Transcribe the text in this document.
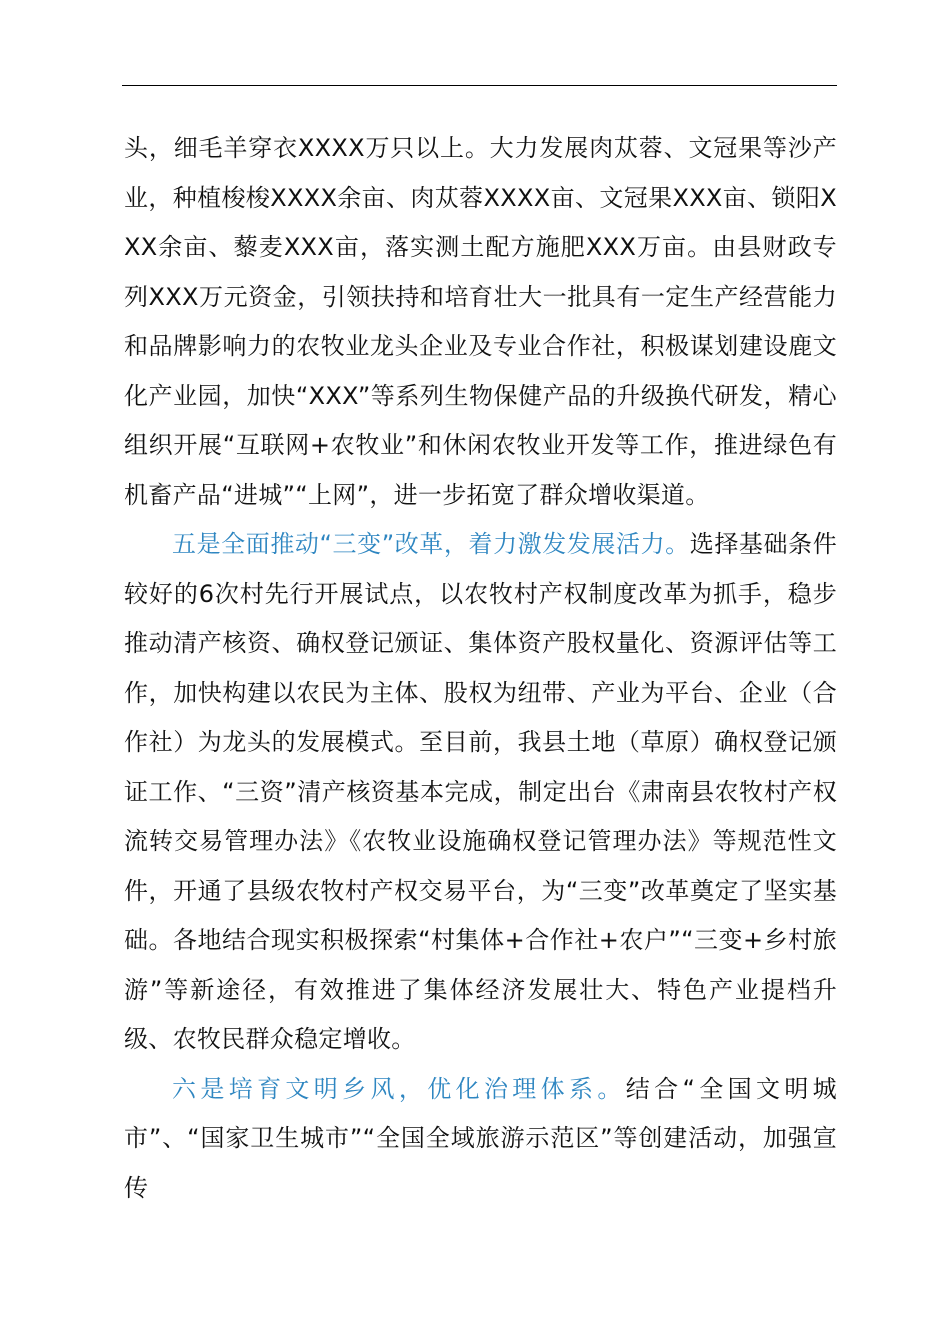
头，细毛羊穿衣XXXX万只以上。大力发展肉苁蓉、文冠果等沙产业，种植梭梭XXXX余亩、肉苁蓉XXXX亩、文冠果XXX亩、锁阳XXX余亩、藜麦XXX亩，落实测土配方施肥XXX万亩。由县财政专列XXX万元资金，引领扶持和培育壮大一批具有一定生产经营能力和品牌影响力的农牧业龙头企业及专业合作社，积极谋划建设鹿文化产业园，加快“XXX”等系列生物保健产品的升级换代研发，精心组织开展“互联网+农牧业”和休闲农牧业开发等工作，推进绿色有机畜产品“进城”“上网”，进一步拓宽了群众增收渠道。

五是全面推动“三变”改革，着力激发发展活力。选择基础条件较好的6次村先行开展试点，以农牧村产权制度改革为抓手，稳步推动清产核资、确权登记颁证、集体资产股权量化、资源评估等工作，加快构建以农民为主体、股权为纽带、产业为平台、企业（合作社）为龙头的发展模式。至目前，我县土地（草原）确权登记颁证工作、“三资”清产核资基本完成，制定出台《肃南县农牧村产权流转交易管理办法》《农牧业设施确权登记管理办法》等规范性文件，开通了县级农牧村产权交易平台，为“三变”改革奠定了坚实基础。各地结合现实积极探索“村集体+合作社+农户”“三变+乡村旅游”等新途径，有效推进了集体经济发展壮大、特色产业提档升级、农牧民群众稳定增收。

六是培育文明乡风，优化治理体系。结合“全国文明城市”、“国家卫生城市”“全国全域旅游示范区”等创建活动，加强宣传
